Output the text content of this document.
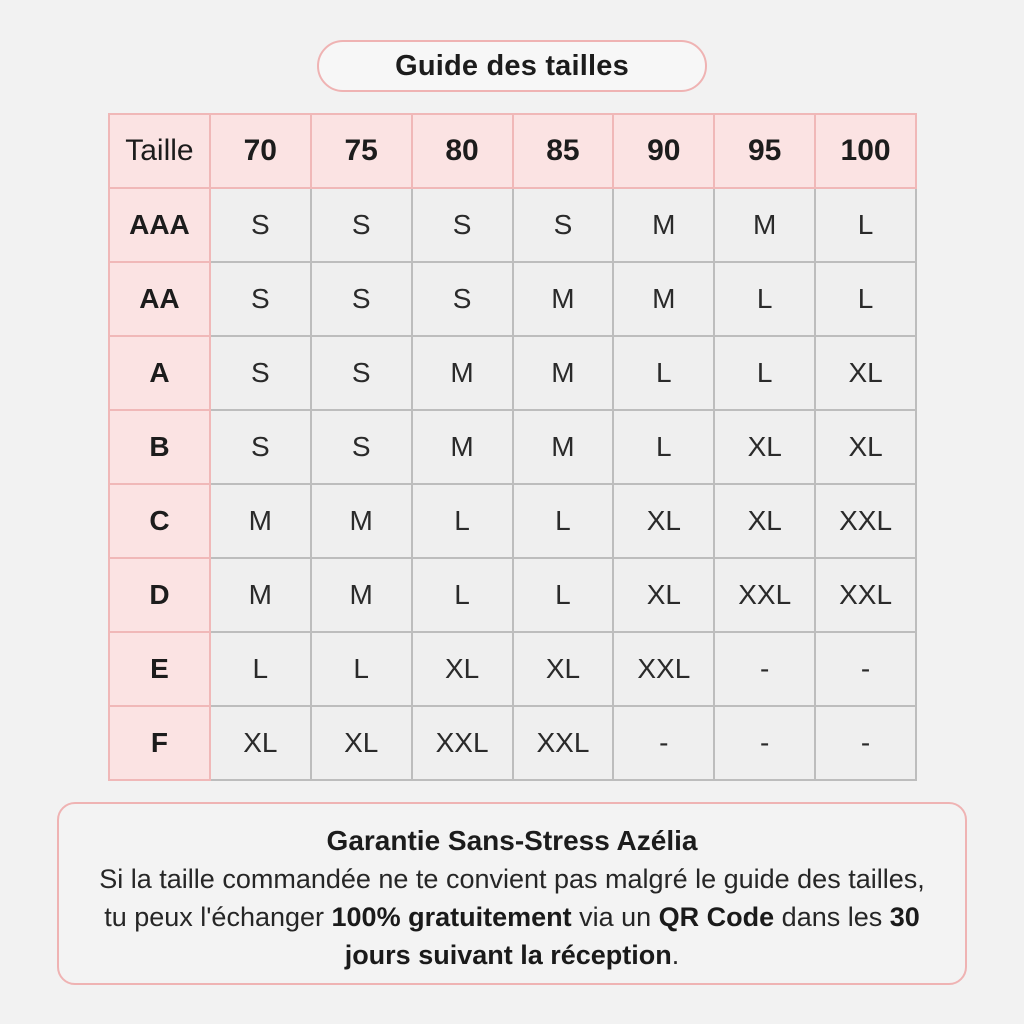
Guide des tailles
Taille	70	75	80	85	90	95	100
AAA	S	S	S	S	M	M	L
AA	S	S	S	M	M	L	L
A	S	S	M	M	L	L	XL
B	S	S	M	M	L	XL	XL
C	M	M	L	L	XL	XL	XXL
D	M	M	L	L	XL	XXL	XXL
E	L	L	XL	XL	XXL	-	-
F	XL	XL	XXL	XXL	-	-	-
Garantie Sans-Stress Azélia
Si la taille commandée ne te convient pas malgré le guide des tailles, tu peux l'échanger 100% gratuitement via un QR Code dans les 30 jours suivant la réception.
